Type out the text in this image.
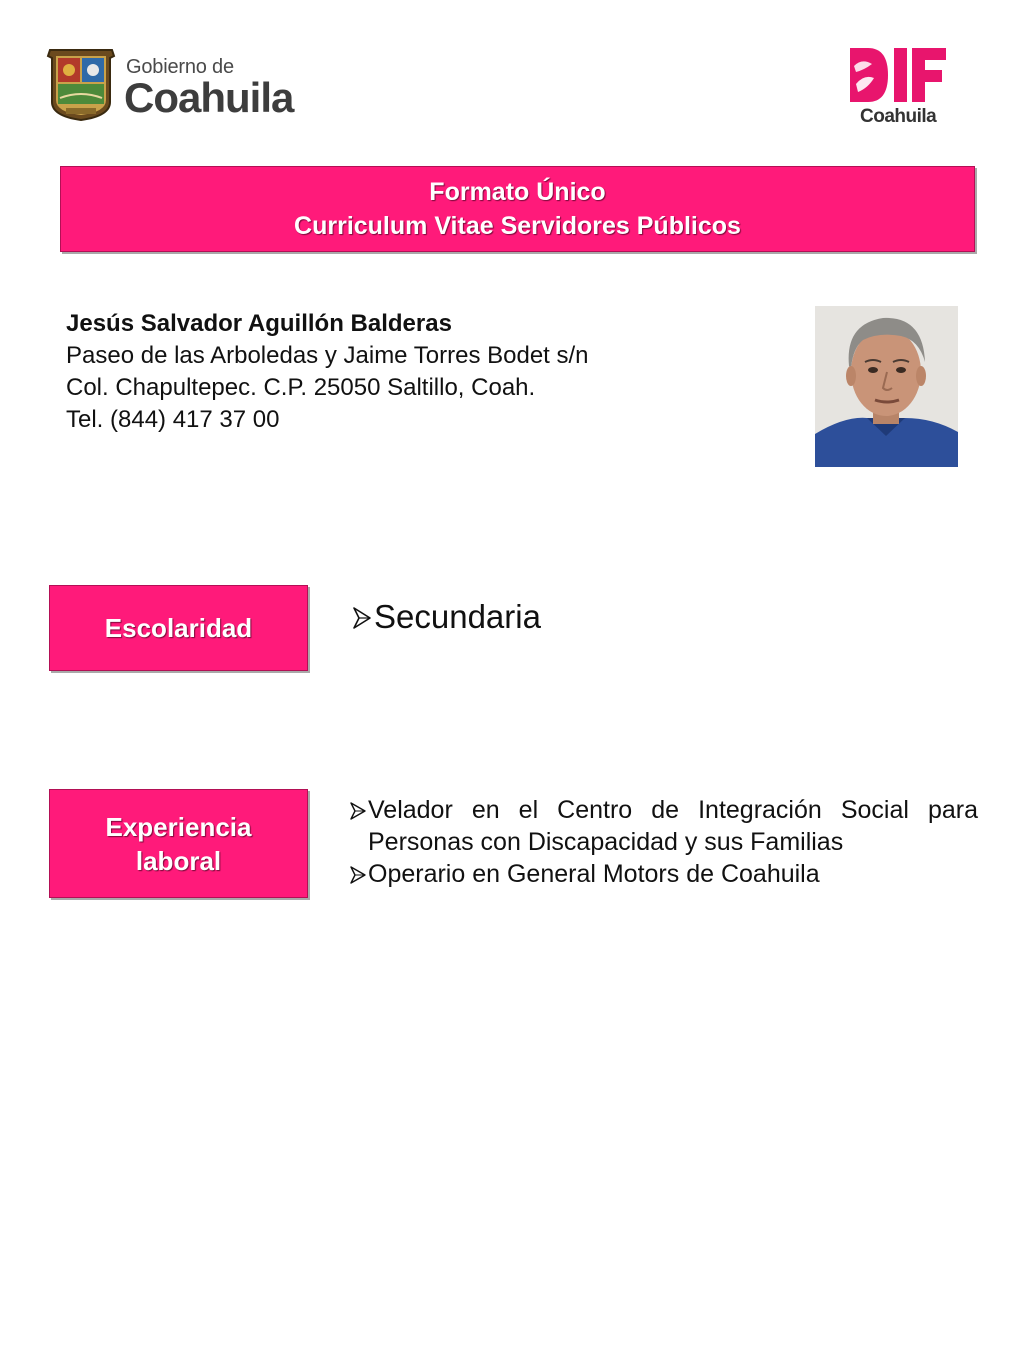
Gobierno de
Coahuila	Coahuila
Formato Único
Curriculum Vitae Servidores Públicos
Jesús Salvador Aguillón Balderas
Paseo de las Arboledas y Jaime Torres Bodet s/n
Col. Chapultepec. C.P. 25050 Saltillo, Coah.
Tel. (844) 417 37 00
Escolaridad	Secundaria
Experiencia
laboral
Velador en el Centro de Integración Social para
Personas con Discapacidad y sus Familias
Operario en General Motors de Coahuila
